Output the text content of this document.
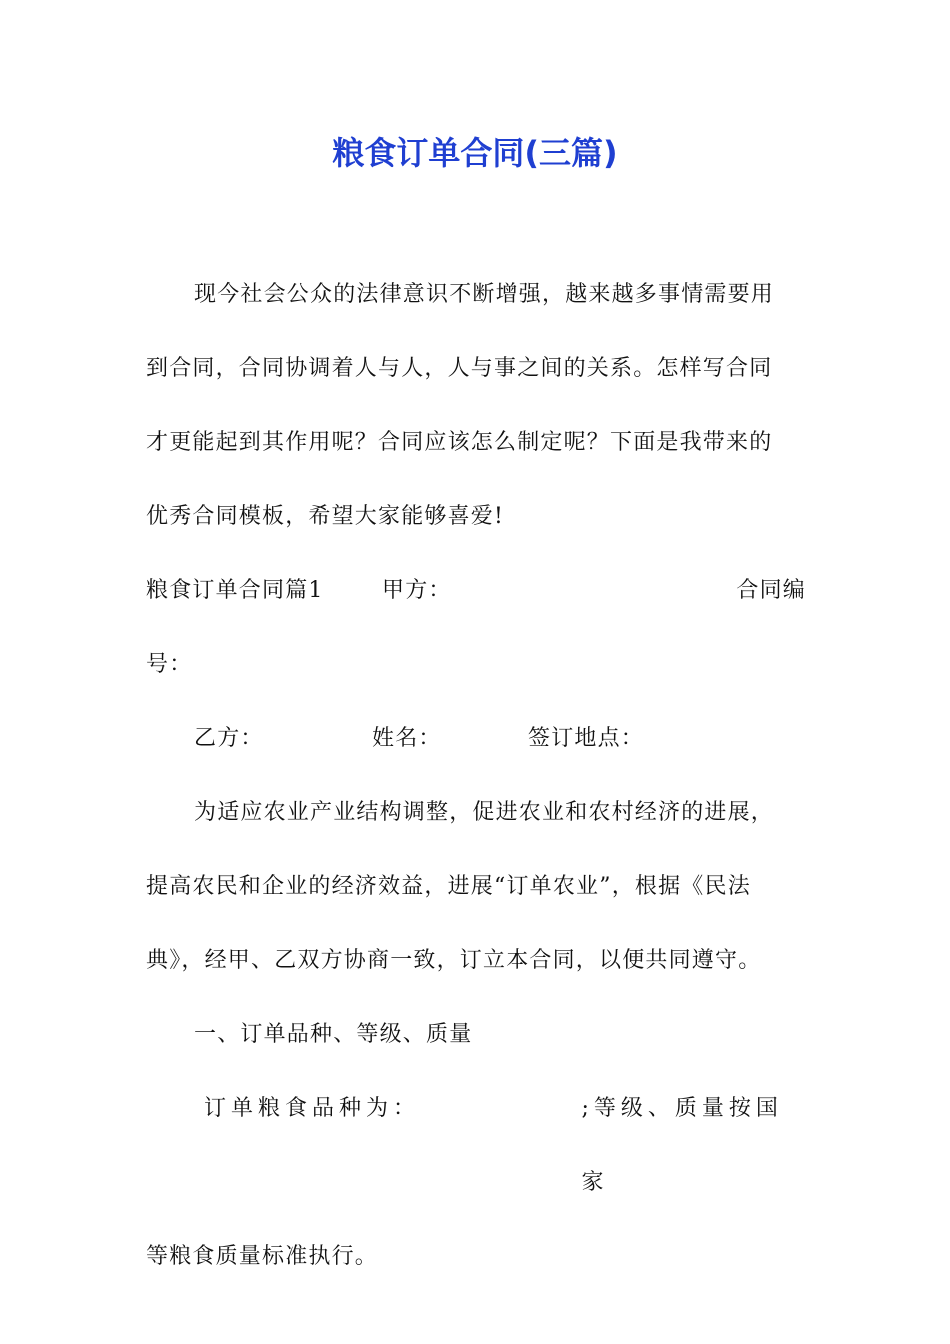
粮食订单合同(三篇)

现今社会公众的法律意识不断增强，越来越多事情需要用

到合同，合同协调着人与人，人与事之间的关系。怎样写合同

才更能起到其作用呢？合同应该怎么制定呢？下面是我带来的

优秀合同模板，希望大家能够喜爱!

粮食订单合同篇1	甲方：	合同编

号：

乙方：	姓名：	签订地点：

为适应农业产业结构调整，促进农业和农村经济的进展，

提高农民和企业的经济效益，进展“订单农业”，根据《民法

典》，经甲、乙双方协商一致，订立本合同，以便共同遵守。

一、订单品种、等级、质量

订单粮食品种为：	;等级、质量按国家

等粮食质量标准执行。
